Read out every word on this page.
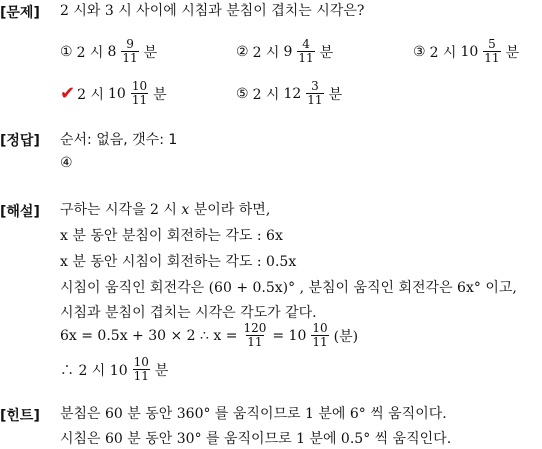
[문제] 2 시와 3 시 사이에 시침과 분침이 겹치는 시각은?
① 2 시 $8 \frac{9}{11}$ 분	② 2 시 $9 \frac{4}{11}$ 분	③ 2 시 $10 \frac{5}{11}$ 분
✔ 2 시 $10 \frac{10}{11}$ 분	⑤ 2 시 $12 \frac{3}{11}$ 분
[정답] 순서: 없음, 갯수: 1
④
[해설] 구하는 시각을 2 시 x 분이라 하면,
x 분 동안 분침이 회전하는 각도 : 6x
x 분 동안 시침이 회전하는 각도 : 0.5x
시침이 움직인 회전각은 (60 + 0.5x)° , 분침이 움직인 회전각은 6x° 이고,
시침과 분침이 겹치는 시각은 각도가 같다.
6x = 0.5x + 30 × 2 ∴ $x = \frac{120}{11} = 10 \frac{10}{11}$ (분)
∴ 2 시 $10 \frac{10}{11}$ 분
[힌트] 분침은 60 분 동안 360° 를 움직이므로 1 분에 6° 씩 움직이다.
시침은 60 분 동안 30° 를 움직이므로 1 분에 0.5° 씩 움직인다.
